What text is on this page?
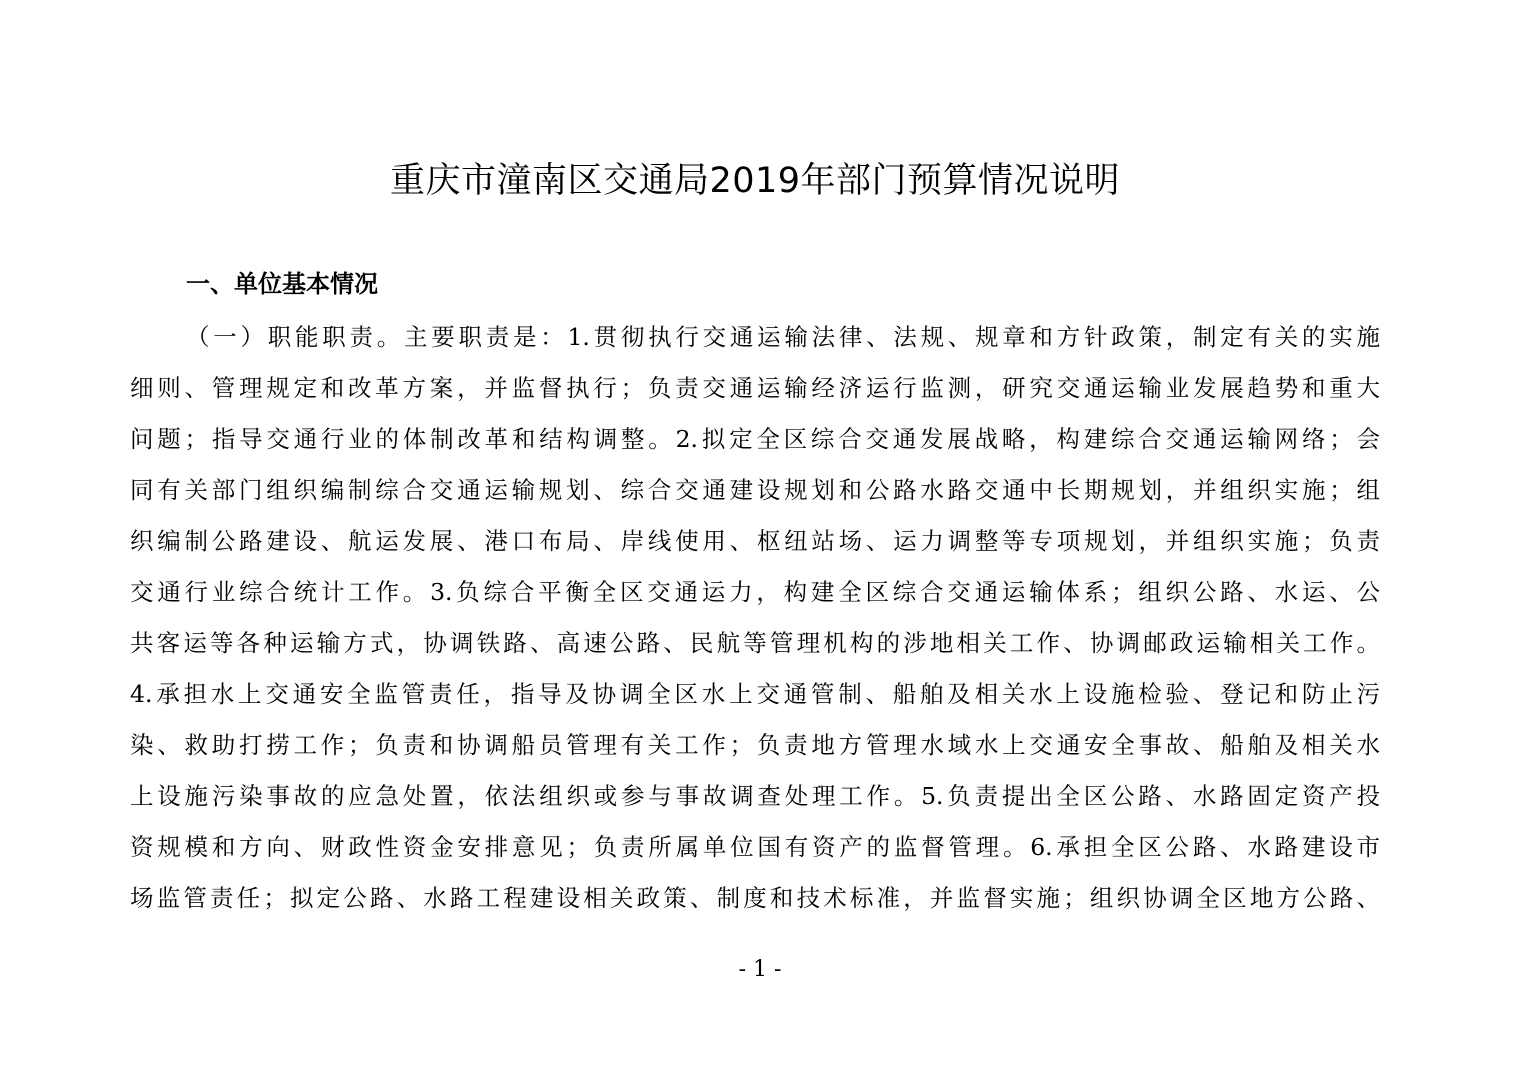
重庆市潼南区交通局2019年部门预算情况说明
一、单位基本情况
（一）职能职责。主要职责是：1.贯彻执行交通运输法律、法规、规章和方针政策，制定有关的实施
细则、管理规定和改革方案，并监督执行；负责交通运输经济运行监测，研究交通运输业发展趋势和重大
问题；指导交通行业的体制改革和结构调整。2.拟定全区综合交通发展战略，构建综合交通运输网络；会
同有关部门组织编制综合交通运输规划、综合交通建设规划和公路水路交通中长期规划，并组织实施；组
织编制公路建设、航运发展、港口布局、岸线使用、枢纽站场、运力调整等专项规划，并组织实施；负责
交通行业综合统计工作。3.负综合平衡全区交通运力，构建全区综合交通运输体系；组织公路、水运、公
共客运等各种运输方式，协调铁路、高速公路、民航等管理机构的涉地相关工作、协调邮政运输相关工作。
4.承担水上交通安全监管责任，指导及协调全区水上交通管制、船舶及相关水上设施检验、登记和防止污
染、救助打捞工作；负责和协调船员管理有关工作；负责地方管理水域水上交通安全事故、船舶及相关水
上设施污染事故的应急处置，依法组织或参与事故调查处理工作。5.负责提出全区公路、水路固定资产投
资规模和方向、财政性资金安排意见；负责所属单位国有资产的监督管理。6.承担全区公路、水路建设市
场监管责任；拟定公路、水路工程建设相关政策、制度和技术标准，并监督实施；组织协调全区地方公路、
- 1 -
